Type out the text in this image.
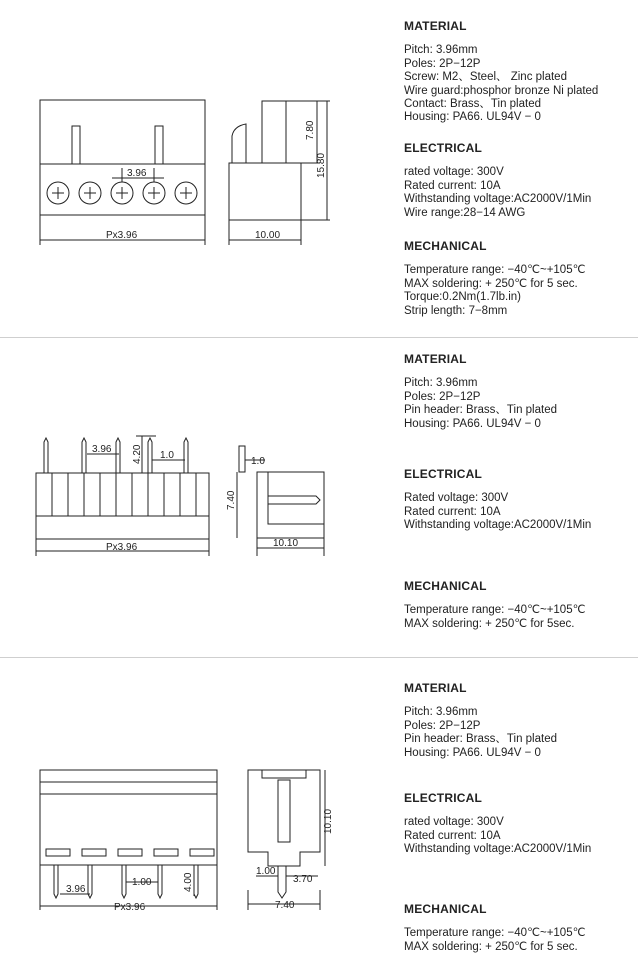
3.96
Px3.96	10.00
7.80
15.80
MATERIAL
Pitch: 3.96mm
Poles: 2P−12P
Screw: M2、Steel、 Zinc plated
Wire guard:phosphor bronze Ni plated
Contact: Brass、Tin plated
Housing: PA66. UL94V − 0
ELECTRICAL
rated voltage: 300V
Rated current: 10A
Withstanding voltage:AC2000V/1Min
Wire range:28−14 AWG
MECHANICAL
Temperature range: −40℃~+105℃
MAX soldering: + 250℃ for 5 sec.
Torque:0.2Nm(1.7lb.in)
Strip length: 7−8mm
3.96 4.20 1.0
Px3.96
1.0
7.40
10.10
MATERIAL
Pitch: 3.96mm
Poles: 2P−12P
Pin header: Brass、Tin plated
Housing: PA66. UL94V − 0
ELECTRICAL
Rated voltage: 300V
Rated current: 10A
Withstanding voltage:AC2000V/1Min
MECHANICAL
Temperature range: −40℃~+105℃
MAX soldering: + 250℃ for 5sec.
3.96
1.00	4.00
Px3.96
10.10
1.00
3.70
7.40
MATERIAL
Pitch: 3.96mm
Poles: 2P−12P
Pin header: Brass、Tin plated
Housing: PA66. UL94V − 0
ELECTRICAL
rated voltage: 300V
Rated current: 10A
Withstanding voltage:AC2000V/1Min
MECHANICAL
Temperature range: −40℃~+105℃
MAX soldering: + 250℃ for 5 sec.
